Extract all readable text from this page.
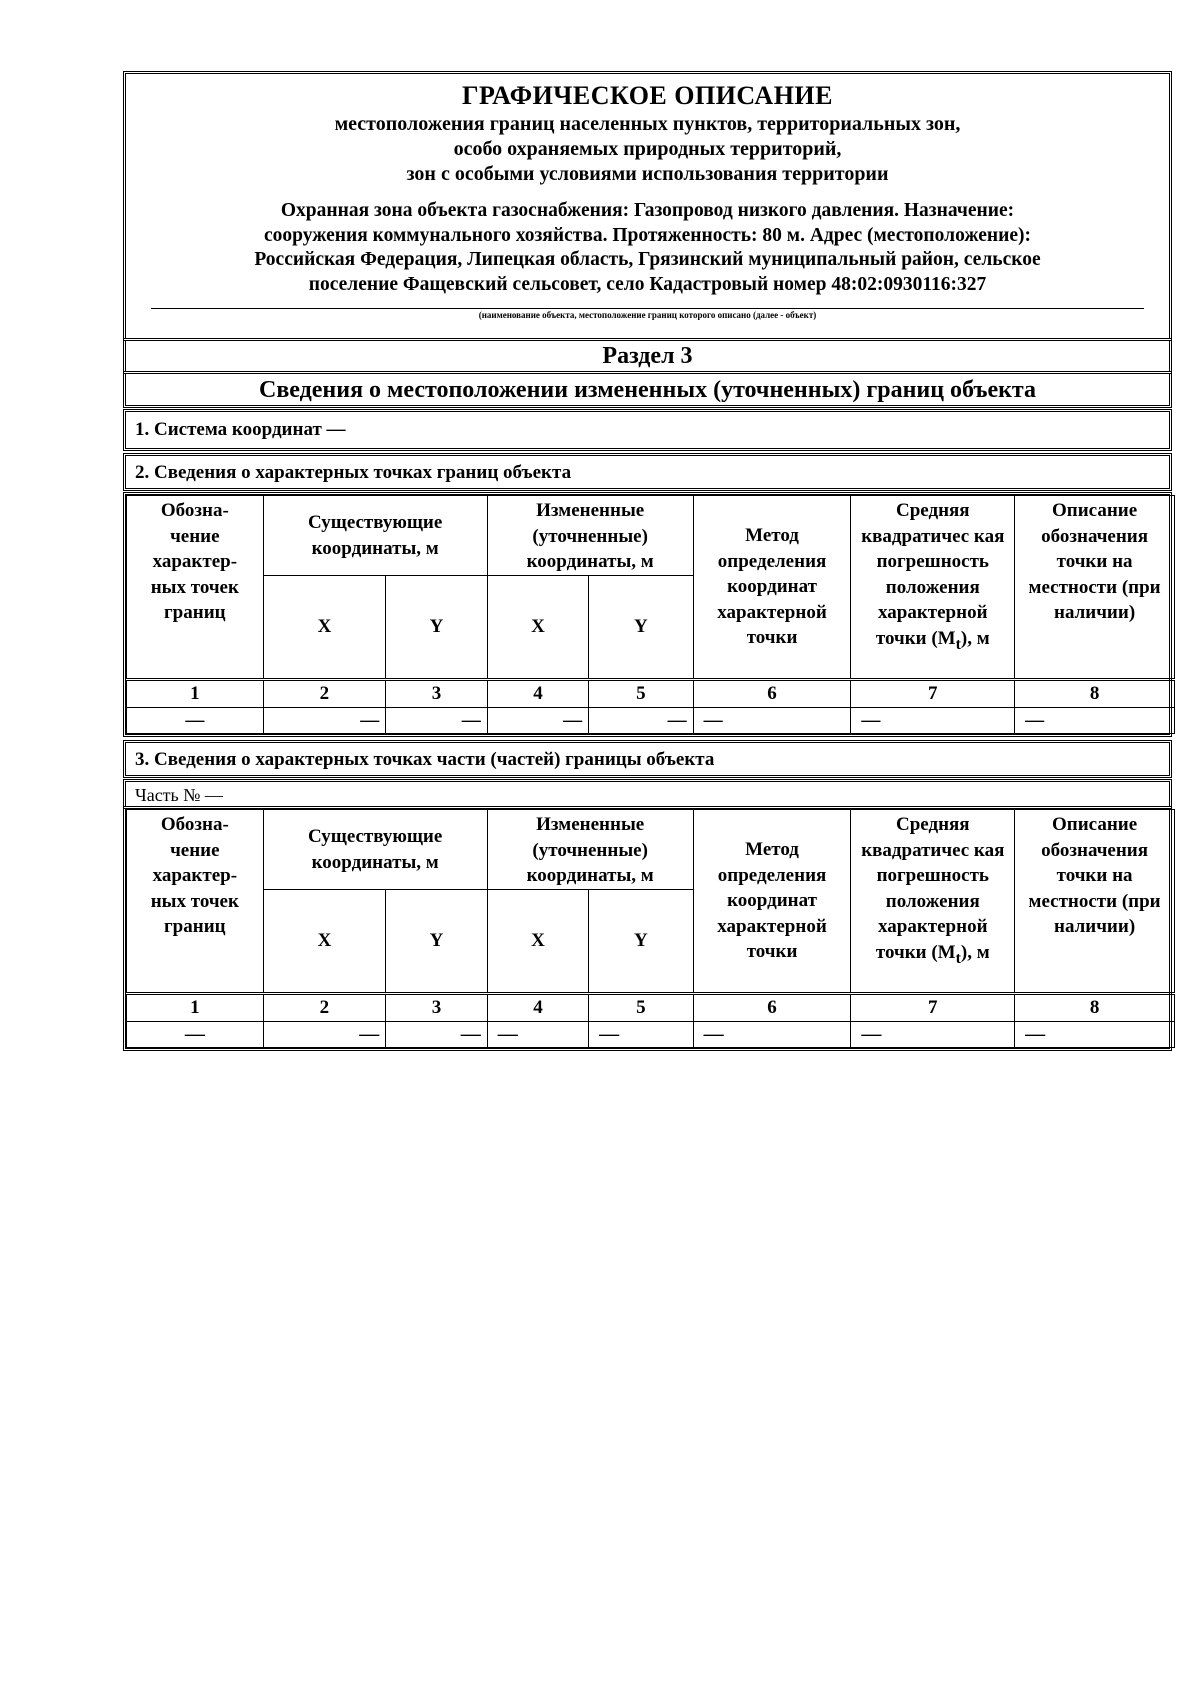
ГРАФИЧЕСКОЕ ОПИСАНИЕ
местоположения границ населенных пунктов, территориальных зон,
особо охраняемых природных территорий,
зон с особыми условиями использования территории
Охранная зона объекта газоснабжения: Газопровод низкого давления. Назначение:
сооружения коммунального хозяйства. Протяженность: 80 м. Адрес (местоположение):
Российская Федерация, Липецкая область, Грязинский муниципальный район, сельское
поселение Фащевский сельсовет, село Кадастровый номер 48:02:0930116:327
(наименование объекта, местоположение границ которого описано (далее - объект)
Раздел 3
Сведения о местоположении измененных (уточненных) границ объекта
1. Система координат —
2. Сведения о характерных точках границ объекта
Обозна-
чение
характер-
ных точек
границ	Существующие координаты, м		Измененные (уточненные) координаты, м		Метод определения координат характерной точки	Средняя квадратичес кая погрешность положения характерной точки $(M_t)$, м	Описание обозначения точки на местности (при наличии)
	X	Y	X	Y			
1	2	3	4	5	6	7	8
—	—	—	—	—	—	—	—
3. Сведения о характерных точках части (частей) границы объекта
Часть № —
Обозна-
чение
характер-
ных точек
границ	Существующие координаты, м		Измененные (уточненные) координаты, м		Метод определения координат характерной точки	Средняя квадратичес кая погрешность положения характерной точки $(M_t)$, м	Описание обозначения точки на местности (при наличии)
	X	Y	X	Y			
1	2	3	4	5	6	7	8
—	—	—	—	—	—	—	—
